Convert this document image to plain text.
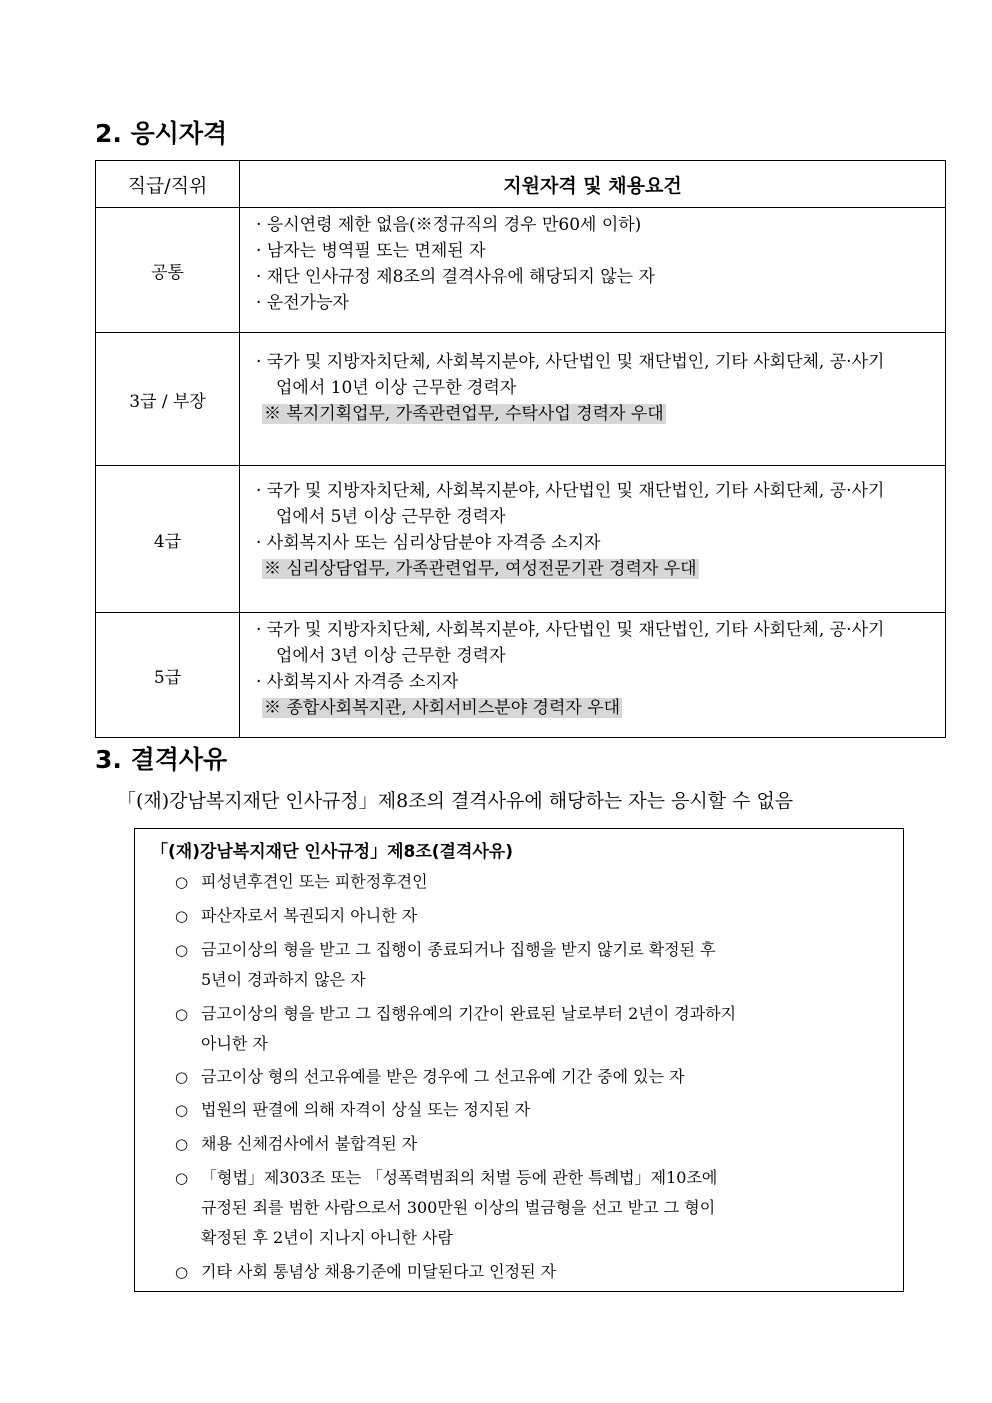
2. 응시자격
직급/직위	지원자격 및 채용요건
공통	· 응시연령 제한 없음(※정규직의 경우 만60세 이하)
· 남자는 병역필 또는 면제된 자
· 재단 인사규정 제8조의 결격사유에 해당되지 않는 자
· 운전가능자

3급 / 부장	· 국가 및 지방자치단체, 사회복지분야, 사단법인 및 재단법인, 기타 사회단체, 공·사기
업에서 10년 이상 근무한 경력자
※ 복지기획업무, 가족관련업무, 수탁사업 경력자 우대

4급	· 국가 및 지방자치단체, 사회복지분야, 사단법인 및 재단법인, 기타 사회단체, 공·사기
업에서 5년 이상 근무한 경력자
· 사회복지사 또는 심리상담분야 자격증 소지자
※ 심리상담업무, 가족관련업무, 여성전문기관 경력자 우대

5급	· 국가 및 지방자치단체, 사회복지분야, 사단법인 및 재단법인, 기타 사회단체, 공·사기
업에서 3년 이상 근무한 경력자
· 사회복지사 자격증 소지자
※ 종합사회복지관, 사회서비스분야 경력자 우대
3. 결격사유
「(재)강남복지재단 인사규정」제8조의 결격사유에 해당하는 자는 응시할 수 없음
「(재)강남복지재단 인사규정」제8조(결격사유)
○ 피성년후견인 또는 피한정후견인
○ 파산자로서 복권되지 아니한 자
○ 금고이상의 형을 받고 그 집행이 종료되거나 집행을 받지 않기로 확정된 후
5년이 경과하지 않은 자
○ 금고이상의 형을 받고 그 집행유예의 기간이 완료된 날로부터 2년이 경과하지
아니한 자
○ 금고이상 형의 선고유예를 받은 경우에 그 선고유예 기간 중에 있는 자
○ 법원의 판결에 의해 자격이 상실 또는 정지된 자
○ 채용 신체검사에서 불합격된 자
○ 「형법」제303조 또는 「성폭력범죄의 처벌 등에 관한 특례법」제10조에
규정된 죄를 범한 사람으로서 300만원 이상의 벌금형을 선고 받고 그 형이
확정된 후 2년이 지나지 아니한 사람
○ 기타 사회 통념상 채용기준에 미달된다고 인정된 자
